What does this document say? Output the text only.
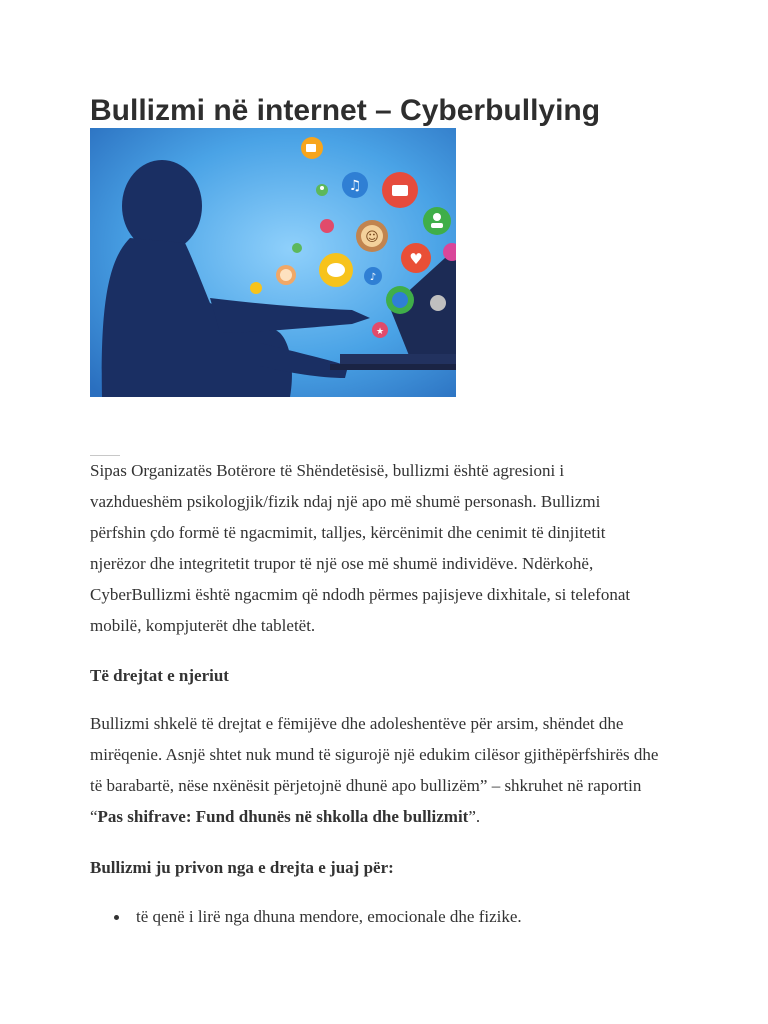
Bullizmi në internet – Cyberbullying
♫
☺
♥
♪
★

Sipas Organizatës Botërore të Shëndetësisë, bullizmi është agresioni i vazhdueshëm psikologjik/fizik ndaj një apo më shumë personash. Bullizmi përfshin çdo formë të ngacmimit, talljes, kërcënimit dhe cenimit të dinjitetit njerëzor dhe integritetit trupor të një ose më shumë individëve. Ndërkohë, CyberBullizmi është ngacmim që ndodh përmes pajisjeve dixhitale, si telefonat mobilë, kompjuterët dhe tabletët.

Të drejtat e njeriut

Bullizmi shkelë të drejtat e fëmijëve dhe adoleshentëve për arsim, shëndet dhe mirëqenie. Asnjë shtet nuk mund të sigurojë një edukim cilësor gjithëpërfshirës dhe të barabartë, nëse nxënësit përjetojnë dhunë apo bullizëm” – shkruhet në raportin “Pas shifrave: Fund dhunës në shkolla dhe bullizmit”.

Bullizmi ju privon nga e drejta e juaj për:

të qenë i lirë nga dhuna mendore, emocionale dhe fizike.
